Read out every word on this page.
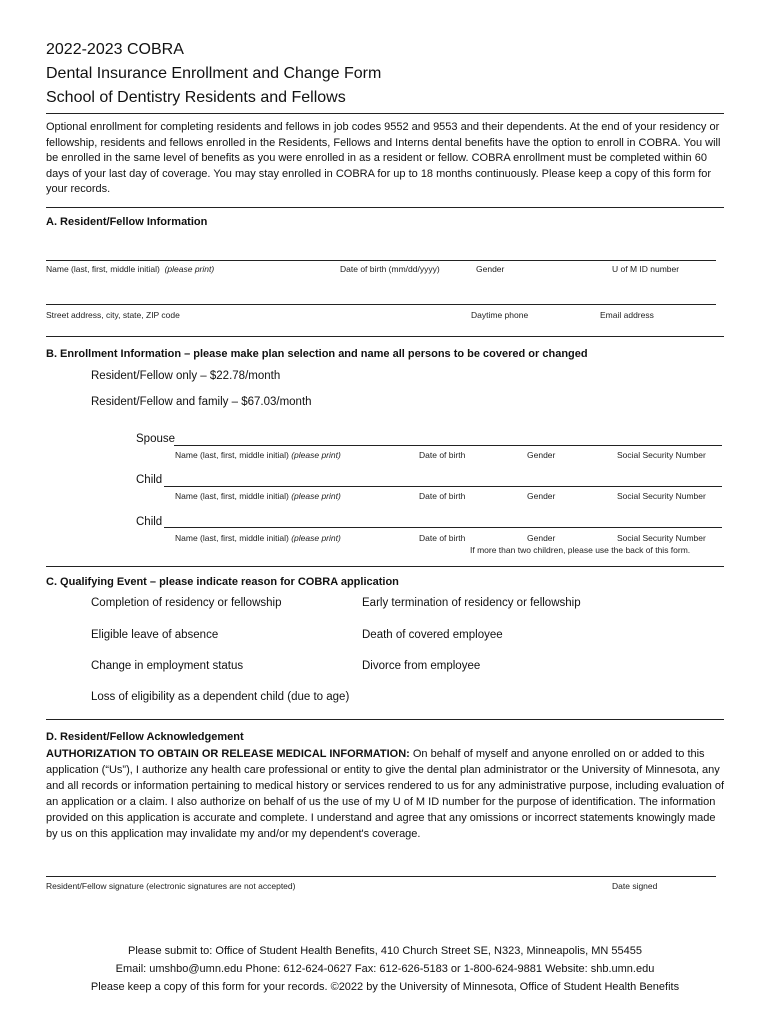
2022-2023 COBRA
Dental Insurance Enrollment and Change Form
School of Dentistry Residents and Fellows
Optional enrollment for completing residents and fellows in job codes 9552 and 9553 and their dependents. At the end of your residency or fellowship, residents and fellows enrolled in the Residents, Fellows and Interns dental benefits have the option to enroll in COBRA. You will be enrolled in the same level of benefits as you were enrolled in as a resident or fellow. COBRA enrollment must be completed within 60 days of your last day of coverage. You may stay enrolled in COBRA for up to 18 months continuously. Please keep a copy of this form for your records.
A. Resident/Fellow Information
Name (last, first, middle initial) (please print)	Date of birth (mm/dd/yyyy)	Gender	U of M ID number
Street address, city, state, ZIP code	Daytime phone	Email address
B. Enrollment Information – please make plan selection and name all persons to be covered or changed
Resident/Fellow only – $22.78/month
Resident/Fellow and family – $67.03/month
Spouse
Name (last, first, middle initial) (please print)	Date of birth	Gender	Social Security Number
Child
Name (last, first, middle initial) (please print)	Date of birth	Gender	Social Security Number
Child
Name (last, first, middle initial) (please print)	Date of birth	Gender	Social Security Number
If more than two children, please use the back of this form.
C. Qualifying Event – please indicate reason for COBRA application
Completion of residency or fellowship	Early termination of residency or fellowship
Eligible leave of absence	Death of covered employee
Change in employment status	Divorce from employee
Loss of eligibility as a dependent child (due to age)
D. Resident/Fellow Acknowledgement
AUTHORIZATION TO OBTAIN OR RELEASE MEDICAL INFORMATION: On behalf of myself and anyone enrolled on or added to this application (“Us”), I authorize any health care professional or entity to give the dental plan administrator or the University of Minnesota, any and all records or information pertaining to medical history or services rendered to us for any administrative purpose, including evaluation of an application or a claim. I also authorize on behalf of us the use of my U of M ID number for the purpose of identification. The information provided on this application is accurate and complete. I understand and agree that any omissions or incorrect statements knowingly made by us on this application may invalidate my and/or my dependent's coverage.
Resident/Fellow signature (electronic signatures are not accepted)	Date signed
Please submit to: Office of Student Health Benefits, 410 Church Street SE, N323, Minneapolis, MN 55455
Email: umshbo@umn.edu Phone: 612-624-0627 Fax: 612-626-5183 or 1-800-624-9881 Website: shb.umn.edu
Please keep a copy of this form for your records. ©2022 by the University of Minnesota, Office of Student Health Benefits
